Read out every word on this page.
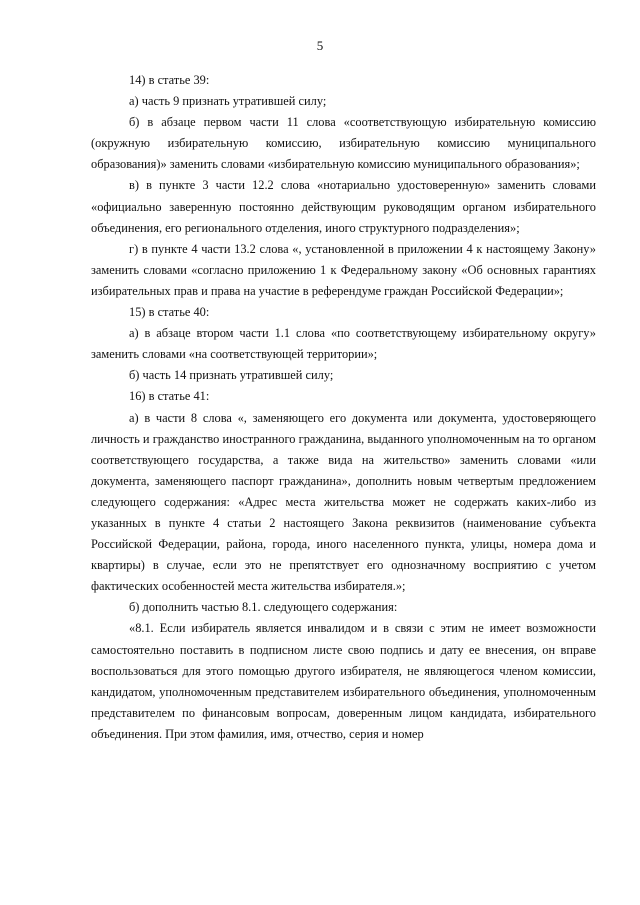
5

14) в статье 39:

а) часть 9 признать утратившей силу;

б) в абзаце первом части 11 слова «соответствующую избирательную комиссию (окружную избирательную комиссию, избирательную комиссию муниципального образования)» заменить словами «избирательную комиссию муниципального образования»;

в) в пункте 3 части 12.2 слова «нотариально удостоверенную» заменить словами «официально заверенную постоянно действующим руководящим органом избирательного объединения, его регионального отделения, иного структурного подразделения»;

г) в пункте 4 части 13.2 слова «, установленной в приложении 4 к настоящему Закону» заменить словами «согласно приложению 1 к Федеральному закону «Об основных гарантиях избирательных прав и права на участие в референдуме граждан Российской Федерации»;

15) в статье 40:

а) в абзаце втором части 1.1 слова «по соответствующему избирательному округу» заменить словами «на соответствующей территории»;

б) часть 14 признать утратившей силу;

16) в статье 41:

а) в части 8 слова «, заменяющего его документа или документа, удостоверяющего личность и гражданство иностранного гражданина, выданного уполномоченным на то органом соответствующего государства, а также вида на жительство» заменить словами «или документа, заменяющего паспорт гражданина», дополнить новым четвертым предложением следующего содержания: «Адрес места жительства может не содержать каких-либо из указанных в пункте 4 статьи 2 настоящего Закона реквизитов (наименование субъекта Российской Федерации, района, города, иного населенного пункта, улицы, номера дома и квартиры) в случае, если это не препятствует его однозначному восприятию с учетом фактических особенностей места жительства избирателя.»;

б) дополнить частью 8.1. следующего содержания:

«8.1. Если избиратель является инвалидом и в связи с этим не имеет возможности самостоятельно поставить в подписном листе свою подпись и дату ее внесения, он вправе воспользоваться для этого помощью другого избирателя, не являющегося членом комиссии, кандидатом, уполномоченным представителем избирательного объединения, уполномоченным представителем по финансовым вопросам, доверенным лицом кандидата, избирательного объединения. При этом фамилия, имя, отчество, серия и номер
